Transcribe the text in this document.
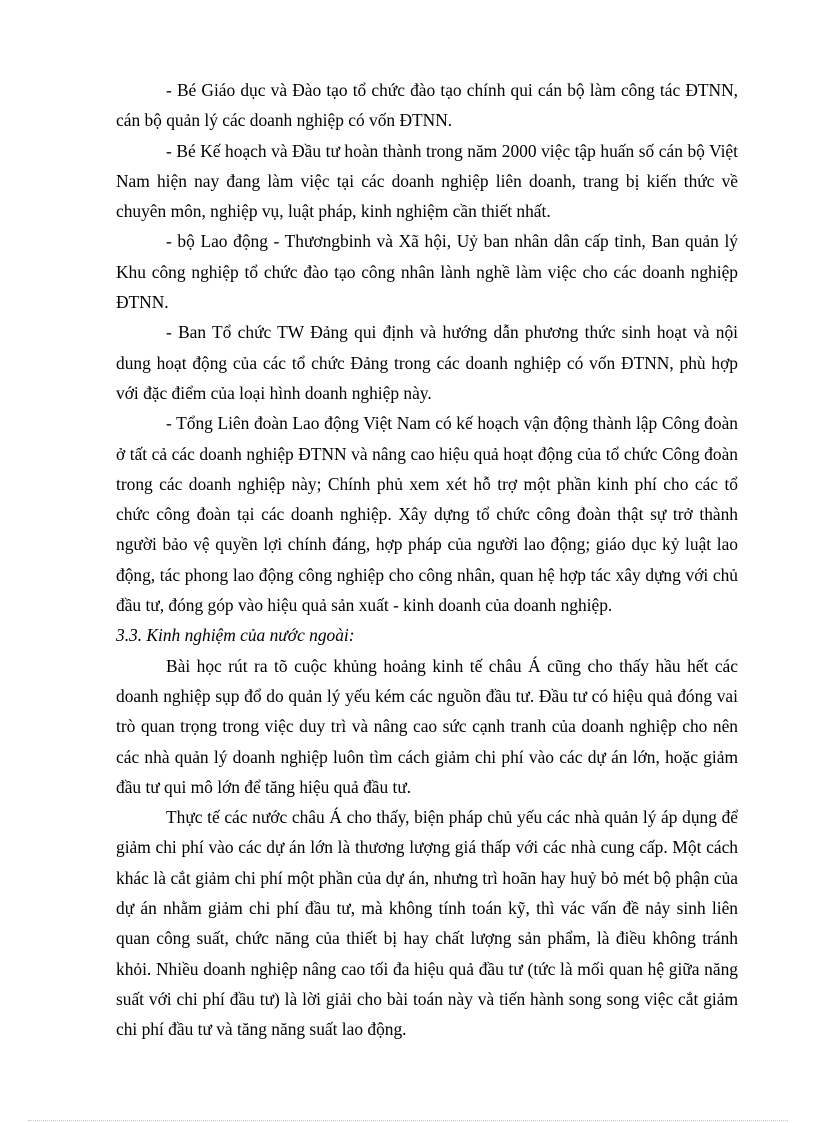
- Bé Giáo dục và Đào tạo tổ chức đào tạo chính qui cán bộ làm công tác ĐTNN, cán bộ quản lý các doanh nghiệp có vốn ĐTNN.

- Bé Kế hoạch và Đầu tư hoàn thành trong năm 2000 việc tập huấn số cán bộ Việt Nam hiện nay đang làm việc tại các doanh nghiệp liên doanh, trang bị kiến thức về chuyên môn, nghiệp vụ, luật pháp, kinh nghiệm cần thiết nhất.

- bộ Lao động - Thươngbinh và Xã hội, Uỷ ban nhân dân cấp tỉnh, Ban quản lý Khu công nghiệp tổ chức đào tạo công nhân lành nghề làm việc cho các doanh nghiệp ĐTNN.

- Ban Tổ chức TW Đảng qui định và hướng dẫn phương thức sinh hoạt và nội dung hoạt động của các tổ chức Đảng trong các doanh nghiệp có vốn ĐTNN, phù hợp với đặc điểm của loại hình doanh nghiệp này.

- Tổng Liên đoàn Lao động Việt Nam có kế hoạch vận động thành lập Công đoàn ở tất cả các doanh nghiệp ĐTNN và nâng cao hiệu quả hoạt động của tổ chức Công đoàn trong các doanh nghiệp này; Chính phủ xem xét hỗ trợ một phần kinh phí cho các tổ chức công đoàn tại các doanh nghiệp. Xây dựng tổ chức công đoàn thật sự trở thành người bảo vệ quyền lợi chính đáng, hợp pháp của người lao động; giáo dục kỷ luật lao động, tác phong lao động công nghiệp cho công nhân, quan hệ hợp tác xây dựng với chủ đầu tư, đóng góp vào hiệu quả sản xuất - kinh doanh của doanh nghiệp.

3.3. Kinh nghiệm của nước ngoài:

Bài học rút ra tõ cuộc khủng hoảng kinh tế châu Á cũng cho thấy hầu hết các doanh nghiệp sụp đổ do quản lý yếu kém các nguồn đầu tư. Đầu tư có hiệu quả đóng vai trò quan trọng trong việc duy trì và nâng cao sức cạnh tranh của doanh nghiệp cho nên các nhà quản lý doanh nghiệp luôn tìm cách giảm chi phí vào các dự án lớn, hoặc giảm đầu tư qui mô lớn để tăng hiệu quả đầu tư.

Thực tế các nước châu Á cho thấy, biện pháp chủ yếu các nhà quản lý áp dụng để giảm chi phí vào các dự án lớn là thương lượng giá thấp với các nhà cung cấp. Một cách khác là cắt giảm chi phí một phần của dự án, nhưng trì hoãn hay huỷ bỏ mét bộ phận của dự án nhằm giảm chi phí đầu tư, mà không tính toán kỹ, thì vác vấn đề nảy sinh liên quan công suất, chức năng của thiết bị hay chất lượng sản phẩm, là điều không tránh khỏi. Nhiều doanh nghiệp nâng cao tối đa hiệu quả đầu tư (tức là mối quan hệ giữa năng suất với chi phí đầu tư) là lời giải cho bài toán này và tiến hành song song việc cắt giảm chi phí đầu tư và tăng năng suất lao động.
